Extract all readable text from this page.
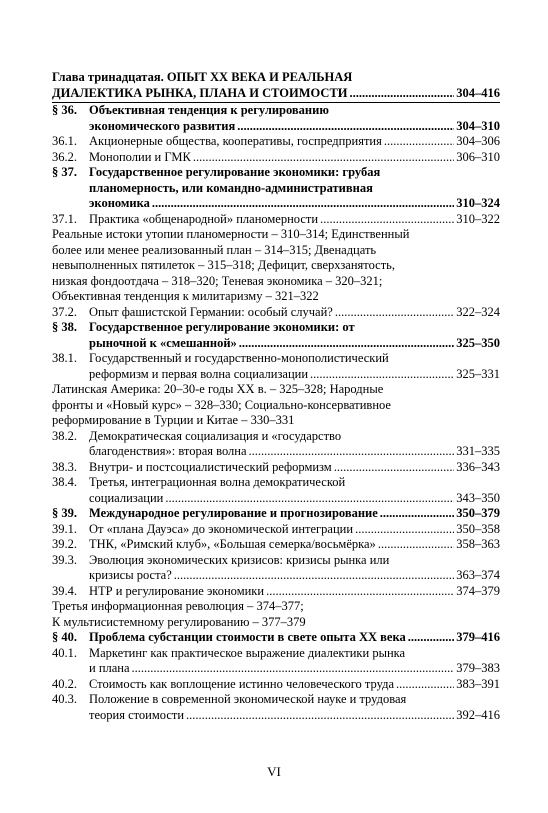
Глава тринадцатая. ОПЫТ XX ВЕКА И РЕАЛЬНАЯ
ДИАЛЕКТИКА РЫНКА, ПЛАНА И СТОИМОСТИ .....	304–416
§ 36. Объективная тенденция к регулированию
экономического развития .....	304–310
36.1. Акционерные общества, кооперативы, госпредприятия .....	304–306
36.2. Монополии и ГМК .....	306–310
§ 37. Государственное регулирование экономики: грубая
планомерность, или командно-административная
экономика .....	310–324
37.1. Практика «общенародной» планомерности .....	310–322
Реальные истоки утопии планомерности – 310–314; Единственный
более или менее реализованный план – 314–315; Двенадцать
невыполненных пятилеток – 315–318; Дефицит, сверхзанятость,
низкая фондоотдача – 318–320; Теневая экономика – 320–321;
Объективная тенденция к милитаризму – 321–322
37.2. Опыт фашистской Германии: особый случай? .....	322–324
§ 38. Государственное регулирование экономики: от
рыночной к «смешанной» .....	325–350
38.1. Государственный и государственно-монополистический
реформизм и первая волна социализации .....	325–331
Латинская Америка: 20–30-е годы XX в. – 325–328; Народные
фронты и «Новый курс» – 328–330; Социально-консервативное
реформирование в Турции и Китае – 330–331
38.2. Демократическая социализация и «государство
благоденствия»: вторая волна .....	331–335
38.3. Внутри- и постсоциалистический реформизм .....	336–343
38.4. Третья, интеграционная волна демократической
социализации .....	343–350
§ 39. Международное регулирование и прогнозирование .....	350–379
39.1. От «плана Дауэса» до экономической интеграции .....	350–358
39.2. ТНК, «Римский клуб», «Большая семерка/восьмёрка» .....	358–363
39.3. Эволюция экономических кризисов: кризисы рынка или
кризисы роста? .....	363–374
39.4. НТР и регулирование экономики .....	374–379
Третья информационная революция – 374–377;
К мультисистемному регулированию – 377–379
§ 40. Проблема субстанции стоимости в свете опыта XX века .....	379–416
40.1. Маркетинг как практическое выражение диалектики рынка
и плана .....	379–383
40.2. Стоимость как воплощение истинно человеческого труда .....	383–391
40.3. Положение в современной экономической науке и трудовая
теория стоимости .....	392–416
VI
